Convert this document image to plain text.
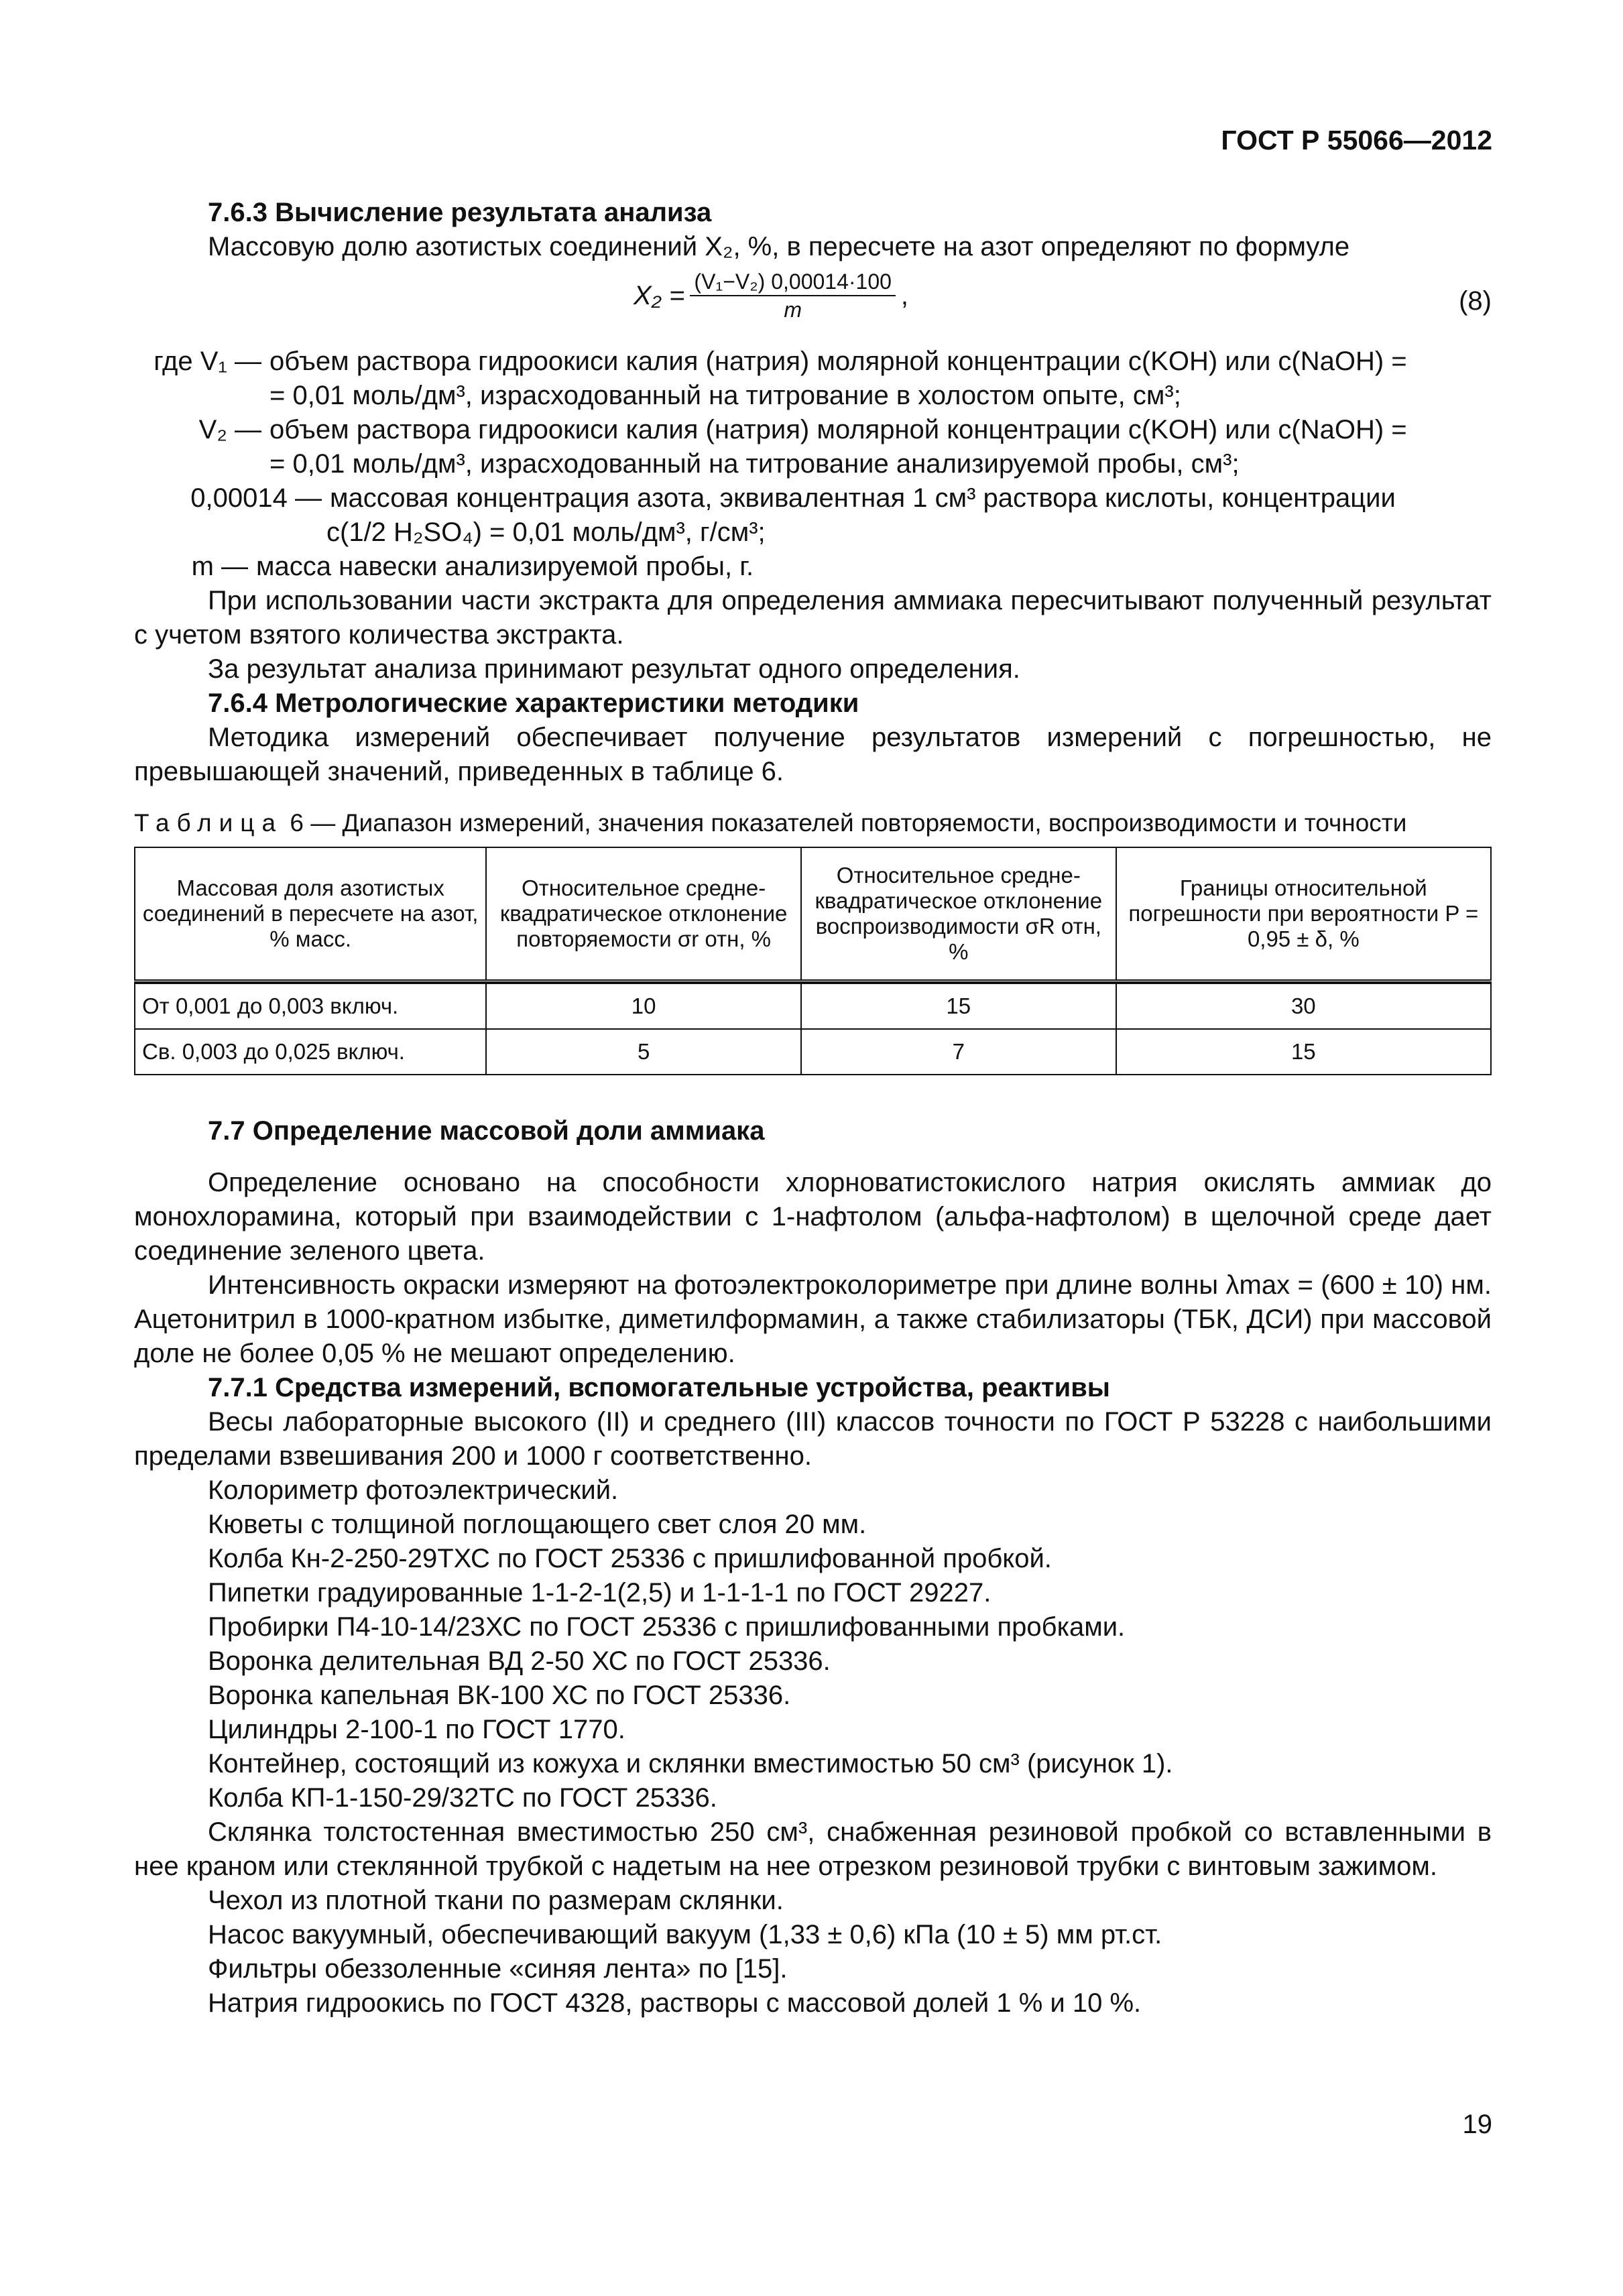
ГОСТ Р 55066—2012

7.6.3 Вычисление результата анализа

Массовую долю азотистых соединений X₂, %, в пересчете на азот определяют по формуле

$X_2 = \frac{\text{(V₁−V₂) 0,00014·100}}{m}$ ,	(8)
где V₁ — объем раствора гидроокиси калия (натрия) молярной концентрации c(KOH) или c(NaOH) =
= 0,01 моль/дм³, израсходованный на титрование в холостом опыте, см³;
V₂ — объем раствора гидроокиси калия (натрия) молярной концентрации c(KOH) или c(NaOH) =
= 0,01 моль/дм³, израсходованный на титрование анализируемой пробы, см³;
0,00014 — массовая концентрация азота, эквивалентная 1 см³ раствора кислоты, концентрации
c(1/2 H₂SO₄) = 0,01 моль/дм³, г/см³;
m — масса навески анализируемой пробы, г.

При использовании части экстракта для определения аммиака пересчитывают полученный результат с учетом взятого количества экстракта.

За результат анализа принимают результат одного определения.

7.6.4 Метрологические характеристики методики

Методика измерений обеспечивает получение результатов измерений с погрешностью, не превышающей значений, приведенных в таблице 6.

Таблица 6 — Диапазон измерений, значения показателей повторяемости, воспроизводимости и точности
Массовая доля азотистых соединений в пересчете на азот, % масс.	Относительное средне-квадратическое отклонение повторяемости σr отн, %	Относительное средне-квадратическое отклонение воспроизводимости σR отн, %	Границы относительной погрешности при вероятности P = 0,95 ± δ, %

От 0,001 до 0,003 включ.	10	15	30
Св. 0,003 до 0,025 включ.	5	7	15

7.7 Определение массовой доли аммиака

Определение основано на способности хлорноватистокислого натрия окислять аммиак до монохлорамина, который при взаимодействии с 1-нафтолом (альфа-нафтолом) в щелочной среде дает соединение зеленого цвета.

Интенсивность окраски измеряют на фотоэлектроколориметре при длине волны λmax = (600 ± 10) нм. Ацетонитрил в 1000-кратном избытке, диметилформамин, а также стабилизаторы (ТБК, ДСИ) при массовой доле не более 0,05 % не мешают определению.

7.7.1 Средства измерений, вспомогательные устройства, реактивы

Весы лабораторные высокого (II) и среднего (III) классов точности по ГОСТ Р 53228 с наибольшими пределами взвешивания 200 и 1000 г соответственно.

Колориметр фотоэлектрический.

Кюветы с толщиной поглощающего свет слоя 20 мм.

Колба Кн-2-250-29ТХС по ГОСТ 25336 с пришлифованной пробкой.

Пипетки градуированные 1-1-2-1(2,5) и 1-1-1-1 по ГОСТ 29227.

Пробирки П4-10-14/23ХС по ГОСТ 25336 с пришлифованными пробками.

Воронка делительная ВД 2-50 ХС по ГОСТ 25336.

Воронка капельная ВК-100 ХС по ГОСТ 25336.

Цилиндры 2-100-1 по ГОСТ 1770.

Контейнер, состоящий из кожуха и склянки вместимостью 50 см³ (рисунок 1).

Колба КП-1-150-29/32ТС по ГОСТ 25336.

Склянка толстостенная вместимостью 250 см³, снабженная резиновой пробкой со вставленными в нее краном или стеклянной трубкой с надетым на нее отрезком резиновой трубки с винтовым зажимом.

Чехол из плотной ткани по размерам склянки.

Насос вакуумный, обеспечивающий вакуум (1,33 ± 0,6) кПа (10 ± 5) мм рт.ст.

Фильтры обеззоленные «синяя лента» по [15].

Натрия гидроокись по ГОСТ 4328, растворы с массовой долей 1 % и 10 %.

19
